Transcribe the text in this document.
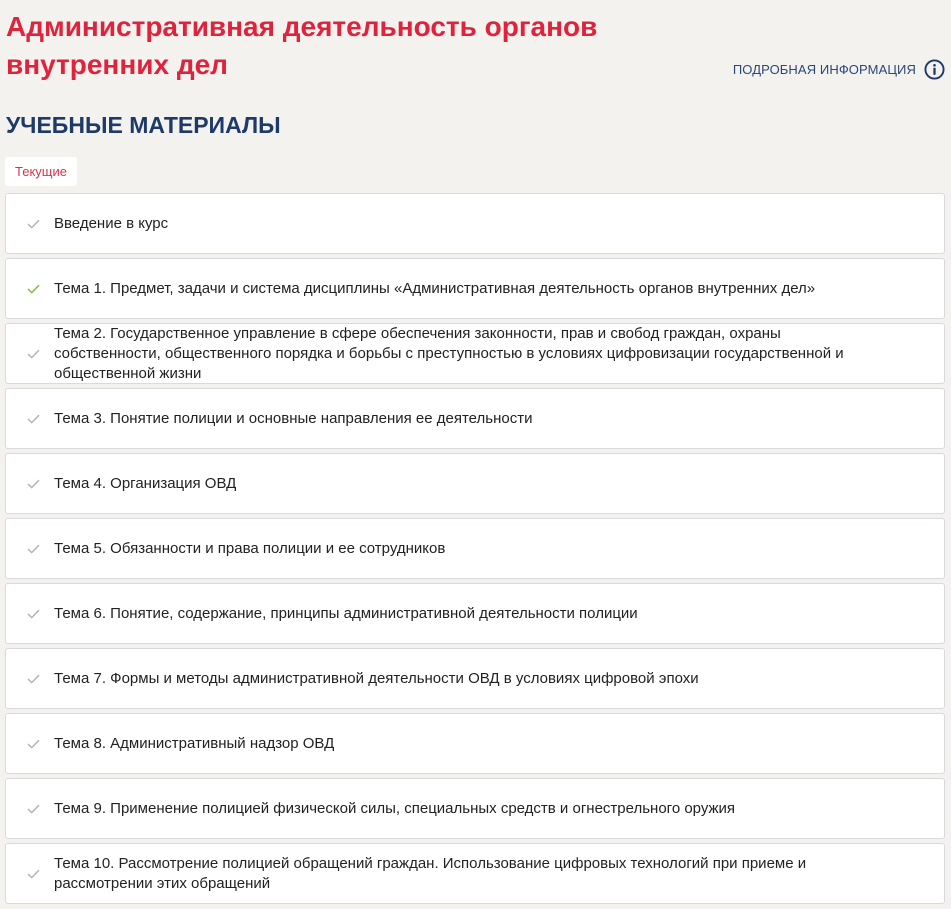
Административная деятельность органов внутренних дел	ПОДРОБНАЯ ИНФОРМАЦИЯ
УЧЕБНЫЕ МАТЕРИАЛЫ
Текущие
Введение в курс
Тема 1. Предмет, задачи и система дисциплины «Административная деятельность органов внутренних дел»
Тема 2. Государственное управление в сфере обеспечения законности, прав и свобод граждан, охраны собственности, общественного порядка и борьбы с преступностью в условиях цифровизации государственной и общественной жизни
Тема 3. Понятие полиции и основные направления ее деятельности
Тема 4. Организация ОВД
Тема 5. Обязанности и права полиции и ее сотрудников
Тема 6. Понятие, содержание, принципы административной деятельности полиции
Тема 7. Формы и методы административной деятельности ОВД в условиях цифровой эпохи
Тема 8. Административный надзор ОВД
Тема 9. Применение полицией физической силы, специальных средств и огнестрельного оружия
Тема 10. Рассмотрение полицией обращений граждан. Использование цифровых технологий при приеме и рассмотрении этих обращений
